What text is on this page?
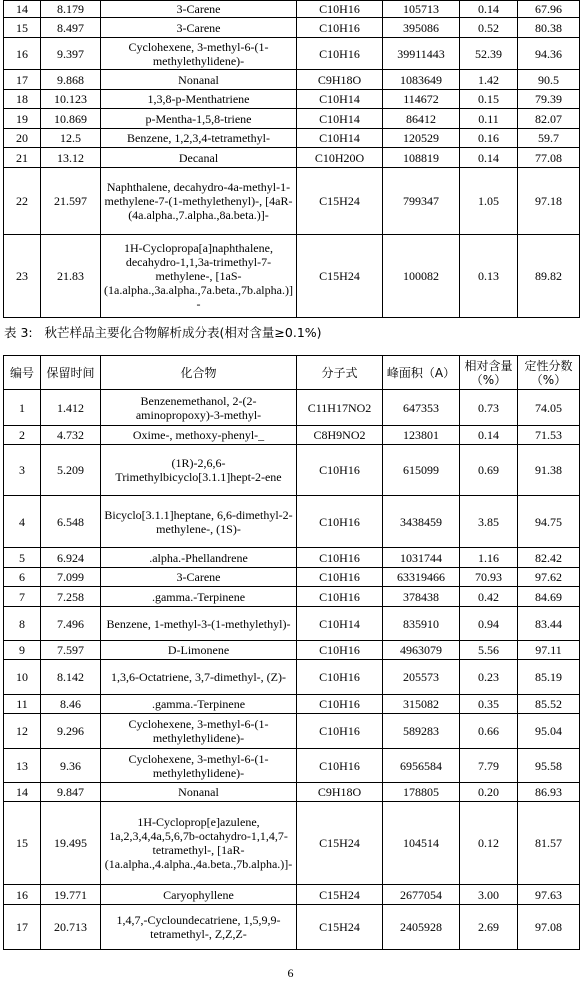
14	8.179	3-Carene	C10H16	105713	0.14	67.96
15	8.497	3-Carene	C10H16	395086	0.52	80.38
16	9.397	Cyclohexene, 3-methyl-6-(1-methylethylidene)-	C10H16	39911443	52.39	94.36
17	9.868	Nonanal	C9H18O	1083649	1.42	90.5
18	10.123	1,3,8-p-Menthatriene	C10H14	114672	0.15	79.39
19	10.869	p-Mentha-1,5,8-triene	C10H14	86412	0.11	82.07
20	12.5	Benzene, 1,2,3,4-tetramethyl-	C10H14	120529	0.16	59.7
21	13.12	Decanal	C10H20O	108819	0.14	77.08
22	21.597	Naphthalene, decahydro-4a-methyl-1-methylene-7-(1-methylethenyl)-, [4aR-(4a.alpha.,7.alpha.,8a.beta.)]-	C15H24	799347	1.05	97.18
23	21.83	1H-Cyclopropa[a]naphthalene, decahydro-1,1,3a-trimethyl-7-methylene-, [1aS-(1a.alpha.,3a.alpha.,7a.beta.,7b.alpha.)]-	C15H24	100082	0.13	89.82
表 3:   秋芒样品主要化合物解析成分表(相对含量≥0.1%)
编号	保留时间	化合物	分子式	峰面积（A）	相对含量（%）	定性分数（%）
1	1.412	Benzenemethanol, 2-(2-aminopropoxy)-3-methyl-	C11H17NO2	647353	0.73	74.05
2	4.732	Oxime-, methoxy-phenyl-_	C8H9NO2	123801	0.14	71.53
3	5.209	(1R)-2,6,6-Trimethylbicyclo[3.1.1]hept-2-ene	C10H16	615099	0.69	91.38
4	6.548	Bicyclo[3.1.1]heptane, 6,6-dimethyl-2-methylene-, (1S)-	C10H16	3438459	3.85	94.75
5	6.924	.alpha.-Phellandrene	C10H16	1031744	1.16	82.42
6	7.099	3-Carene	C10H16	63319466	70.93	97.62
7	7.258	.gamma.-Terpinene	C10H16	378438	0.42	84.69
8	7.496	Benzene, 1-methyl-3-(1-methylethyl)-	C10H14	835910	0.94	83.44
9	7.597	D-Limonene	C10H16	4963079	5.56	97.11
10	8.142	1,3,6-Octatriene, 3,7-dimethyl-, (Z)-	C10H16	205573	0.23	85.19
11	8.46	.gamma.-Terpinene	C10H16	315082	0.35	85.52
12	9.296	Cyclohexene, 3-methyl-6-(1-methylethylidene)-	C10H16	589283	0.66	95.04
13	9.36	Cyclohexene, 3-methyl-6-(1-methylethylidene)-	C10H16	6956584	7.79	95.58
14	9.847	Nonanal	C9H18O	178805	0.20	86.93
15	19.495	1H-Cycloprop[e]azulene, 1a,2,3,4,4a,5,6,7b-octahydro-1,1,4,7-tetramethyl-, [1aR-(1a.alpha.,4.alpha.,4a.beta.,7b.alpha.)]-	C15H24	104514	0.12	81.57
16	19.771	Caryophyllene	C15H24	2677054	3.00	97.63
17	20.713	1,4,7,-Cycloundecatriene, 1,5,9,9-tetramethyl-, Z,Z,Z-	C15H24	2405928	2.69	97.08
6
